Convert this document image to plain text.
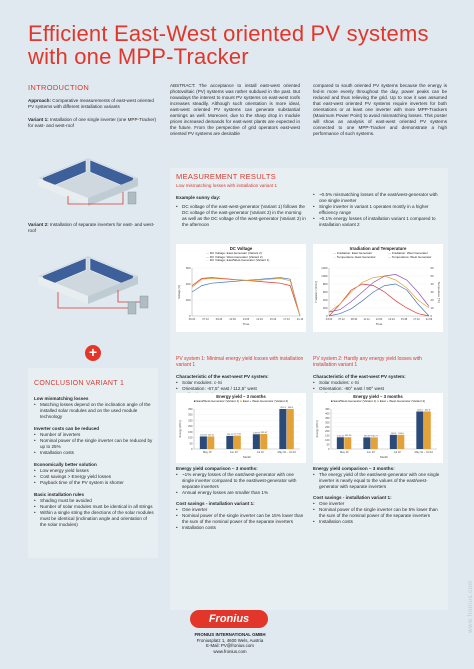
Efficient East-West oriented PV systems with one MPP-Tracker
INTRODUCTION
Approach: Comparative measurements of east-west oriented PV systems with different installation variants
Variant 1: Installation of one single inverter (one MPP-Tracker) for east- and west-roof
Variant 2: Installation of separate inverters for east- and west-roof
ABSTRACT: The acceptance to install east-west oriented photovoltaic (PV) systems was rather subdued in the past. But nowadays the interest to mount PV systems on east-west roofs increases steadily. Although such orientation is more ideal, east-west oriented PV systems can generate substantial earnings as well. Moreover, due to the sharp drop in module prices increased demands for east-west plants are expected in the future. From the perspective of grid operators east-west oriented PV systems are desirable
compared to south oriented PV systems because the energy is fed-in more evenly throughout the day, power peaks can be reduced and thus relieving the grid. Up to now it was assumed that east-west oriented PV systems require inverters for both orientations or at least one inverter with more MPP-Trackers (Maximum Power Point) to avoid mismatching losses. This poster will show an analysis of east-west oriented PV systems connected to one MPP-Tracker and demonstrate a high performance of such systems.
+
MEASUREMENT RESULTS
Low mismatching losses with installation variant 1
Example sunny day:
• DC voltage of the east-west-generator (Variant 1) follows the DC voltage of the east-generator (Variant 2) in the morning as well as the DC voltage of the west-generator (Variant 2) in the afternoon
• ~0.5% mismatching losses of the east/west-generator with one single inverter
• Single inverter in variant 1 operates mostly in a higher efficiency range
• ~0.1% energy losses of installation variant 1 compared to installation variant 2
DC Voltage
— DC Voltage: East-Generator (Variant 2)
— DC Voltage: West-Generator (Variant 2)
— DC Voltage: East/West-Generator (Variant 1)
0
200
400
600
06:00	07:13	09:26	10:39	13:06	14:33	15:43	17:13	21:16
Time
Voltage [V]
Irradiation and Temperature
— Irradiation: East Generator	— Irradiation: West Generator
— Temperature: East Generator	— Temperature: West Generator
0
200
400
600
800
1000
1200
0
10
20
30
40
50
60
Temperature [°C]
04:00 07:12 08:30 11:12 12:00 14:24 15:48 17:12 21:09
Time
Irradiation [W/m²]
PV system 1: Minimal energy yield losses with installation variant 1
Characteristic of the east-west PV system:
• Solar modules: c-Si
• Orientation: -67,5° east / 112,5° west
•
Energy yield – 3 months
■ East/West-Generator (Variant 1) ■ East + West-Generator (Variant 2)
0
50
100
150
200
250
300
350
Energy [kWh]
May 10
110.03 110.11
Jun 10
114.73 117.33
Jul 10
128.97 131.07
May 10 – Jul 10
351.3 358.5
Month
Energy yield comparison – 3 months:
• ~1% energy losses of the east/west-generator with one single inverter compared to the east/west-generator with separate inverters
• Annual energy losses are smaller than 1%
Cost savings - installation variant 1:
• One inverter
• Nominal power of the single inverter can be 15% lower than the sum of the nominal power of the separate inverters
• Installation costs
PV system 2: Hardly any energy yield losses with installation variant 1
Characteristic of the east-west PV system:
• Solar modules: c-Si
• Orientation: -80° east / 90° west
•
Energy yield – 3 months
■ East/West-Generator (Variant 1) ■ East + West-Generator (Variant 2)
0
50
100
150
200
250
300
350
400
450
Energy [kWh]
May 10
132.12 132.25
Jun 10
130.59 130.71
Jul 10
159.5 159.6
May 10 – Jul 10
422.2 422.6
Month
Energy yield comparison – 3 months:
• The energy yield of the east/west-generator with one single inverter is nearly equal to the values of the east/west-generator with separate inverters
Cost savings - installation variant 1:
• One inverter
• Nominal power of the single inverter can be 5% lower than the sum of the nominal power of the separate inverters
• Installation costs
CONCLUSION VARIANT 1
Low mismatching losses
• Matching losses depend on the inclination angle of the installed solar modules and on the used module technology
Inverter costs can be reduced
• Number of inverters
• Nominal power of the single inverter can be reduced by up to 25%
• Installation costs
Economically better solution
• Low energy yield losses
• Cost savings > Energy yield losses
• Payback time of the PV system is shorter
Basic installation rules
• Shading must be avoided
• Number of solar modules must be identical in all strings
• Within a single string the directions of the solar modules must be identical (inclination angle and orientation of the solar modules)
Fronius
FRONIUS INTERNATIONAL GMBH
Froniusplatz 1, 4600 Wels, Austria
E-Mail: PV@fronius.com
www.fronius.com
www.fronius.com
